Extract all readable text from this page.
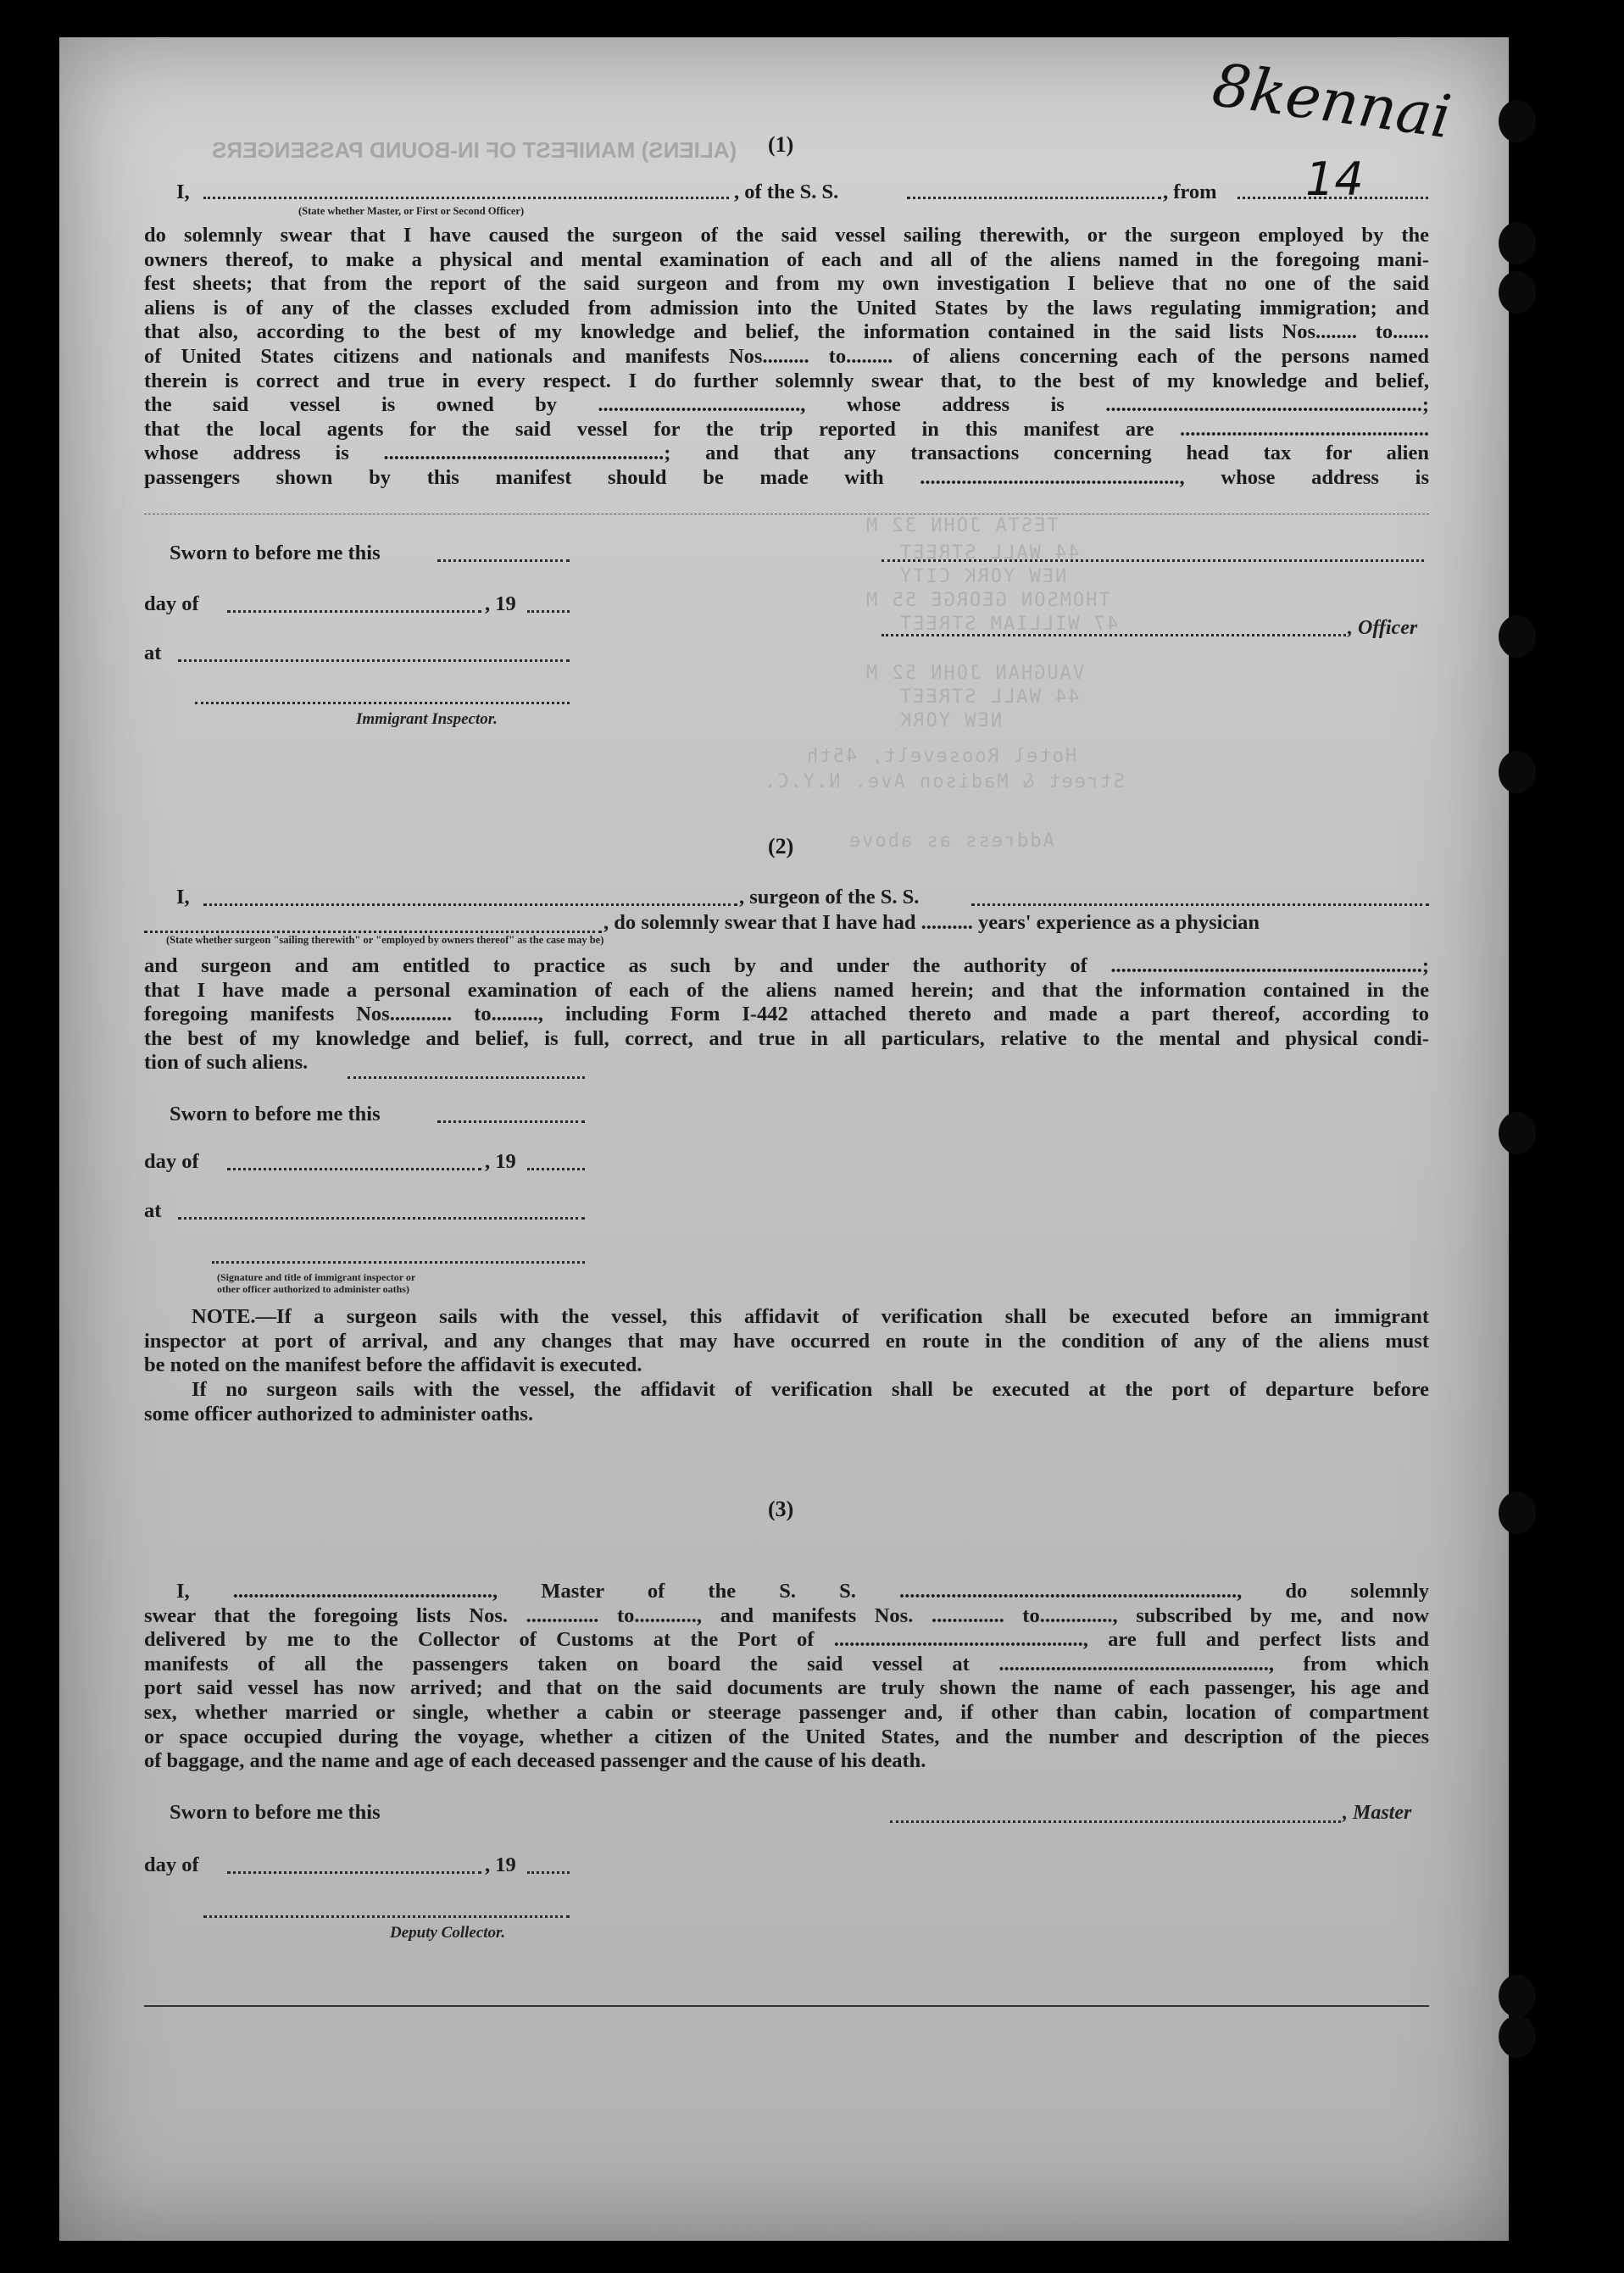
(ALIENS) MANIFEST OF IN-BOUND PASSENGERS
TESTA JOHN 32 M
44 WALL STREET
NEW YORK CITY
THOMSON GEORGE 55 M
47 WILLIAM STREET
VAUGHAN JOHN 52 M
44 WALL STREET
NEW YORK
Hotel Roosevelt, 45th
Street & Madison Ave. N.Y.C.
Address as above
U.S. Dept. I 's Aliens 7
8kennai
14
(1)
I,	, of the S. S.	, from
(State whether Master, or First or Second Officer)
do solemnly swear that I have caused the surgeon of the said vessel sailing therewith, or the surgeon employed by the
owners thereof, to make a physical and mental examination of each and all of the aliens named in the foregoing mani-
fest sheets; that from the report of the said surgeon and from my own investigation I believe that no one of the said
aliens is of any of the classes excluded from admission into the United States by the laws regulating immigration; and
that also, according to the best of my knowledge and belief, the information contained in the said lists Nos........ to.......
of United States citizens and nationals and manifests Nos......... to......... of aliens concerning each of the persons named
therein is correct and true in every respect. I do further solemnly swear that, to the best of my knowledge and belief,
the said vessel is owned by ......................................., whose address is .............................................................;
that the local agents for the said vessel for the trip reported in this manifest are ................................................
whose address is ......................................................; and that any transactions concerning head tax for alien
passengers shown by this manifest should be made with .................................................., whose address is
Sworn to before me this
day of	, 19
, Officer
at
Immigrant Inspector.
(2)
I,	, surgeon of the S. S.
, do solemnly swear that I have had .......... years' experience as a physician
(State whether surgeon "sailing therewith" or "employed by owners thereof" as the case may be)
and surgeon and am entitled to practice as such by and under the authority of ............................................................;
that I have made a personal examination of each of the aliens named herein; and that the information contained in the
foregoing manifests Nos............ to........., including Form I-442 attached thereto and made a part thereof, according to
the best of my knowledge and belief, is full, correct, and true in all particulars, relative to the mental and physical condi-
tion of such aliens.
Sworn to before me this
day of	, 19
at
(Signature and title of immigrant inspector or
other officer authorized to administer oaths)
NOTE.—If a surgeon sails with the vessel, this affidavit of verification shall be executed before an immigrant
inspector at port of arrival, and any changes that may have occurred en route in the condition of any of the aliens must
be noted on the manifest before the affidavit is executed.
If no surgeon sails with the vessel, the affidavit of verification shall be executed at the port of departure before
some officer authorized to administer oaths.
(3)
I, .................................................., Master of the S. S. ................................................................., do solemnly
swear that the foregoing lists Nos. .............. to............, and manifests Nos. .............. to.............., subscribed by me, and now
delivered by me to the Collector of Customs at the Port of ................................................, are full and perfect lists and
manifests of all the passengers taken on board the said vessel at ...................................................., from which
port said vessel has now arrived; and that on the said documents are truly shown the name of each passenger, his age and
sex, whether married or single, whether a cabin or steerage passenger and, if other than cabin, location of compartment
or space occupied during the voyage, whether a citizen of the United States, and the number and description of the pieces
of baggage, and the name and age of each deceased passenger and the cause of his death.
Sworn to before me this	, Master
day of	, 19
Deputy Collector.
